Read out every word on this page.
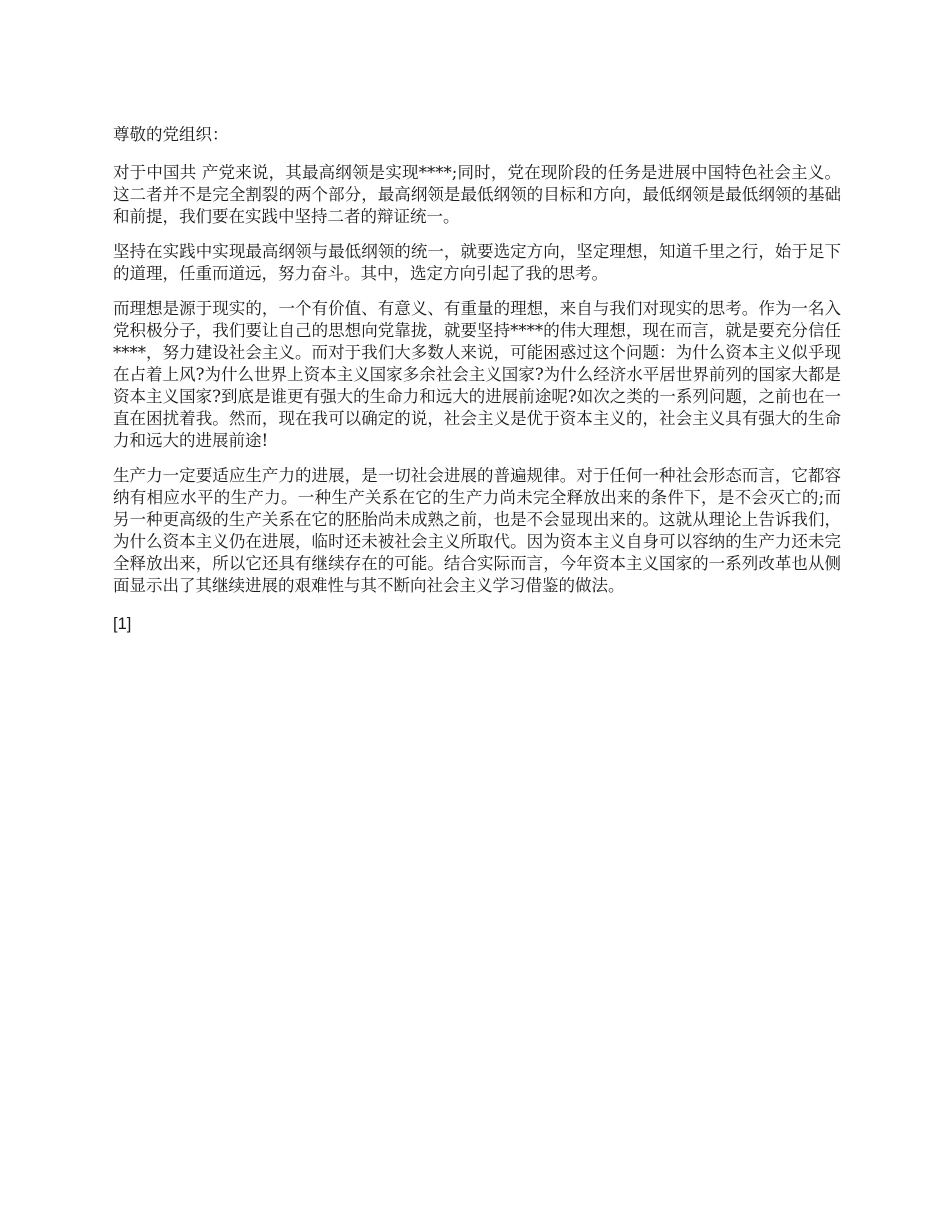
尊敬的党组织：

对于中国共 产党来说，其最高纲领是实现****;同时，党在现阶段的任务是进展中国特色社会主义。这二者并不是完全割裂的两个部分，最高纲领是最低纲领的目标和方向，最低纲领是最低纲领的基础和前提，我们要在实践中坚持二者的辩证统一。

坚持在实践中实现最高纲领与最低纲领的统一，就要选定方向，坚定理想，知道千里之行，始于足下的道理，任重而道远，努力奋斗。其中，选定方向引起了我的思考。

而理想是源于现实的，一个有价值、有意义、有重量的理想，来自与我们对现实的思考。作为一名入党积极分子，我们要让自己的思想向党靠拢，就要坚持****的伟大理想，现在而言，就是要充分信任****，努力建设社会主义。而对于我们大多数人来说，可能困惑过这个问题：为什么资本主义似乎现在占着上风?为什么世界上资本主义国家多余社会主义国家?为什么经济水平居世界前列的国家大都是资本主义国家?到底是谁更有强大的生命力和远大的进展前途呢?如次之类的一系列问题，之前也在一直在困扰着我。然而，现在我可以确定的说，社会主义是优于资本主义的，社会主义具有强大的生命力和远大的进展前途!

生产力一定要适应生产力的进展，是一切社会进展的普遍规律。对于任何一种社会形态而言，它都容纳有相应水平的生产力。一种生产关系在它的生产力尚未完全释放出来的条件下，是不会灭亡的;而另一种更高级的生产关系在它的胚胎尚未成熟之前，也是不会显现出来的。这就从理论上告诉我们，为什么资本主义仍在进展，临时还未被社会主义所取代。因为资本主义自身可以容纳的生产力还未完全释放出来，所以它还具有继续存在的可能。结合实际而言，今年资本主义国家的一系列改革也从侧面显示出了其继续进展的艰难性与其不断向社会主义学习借鉴的做法。

[1]
